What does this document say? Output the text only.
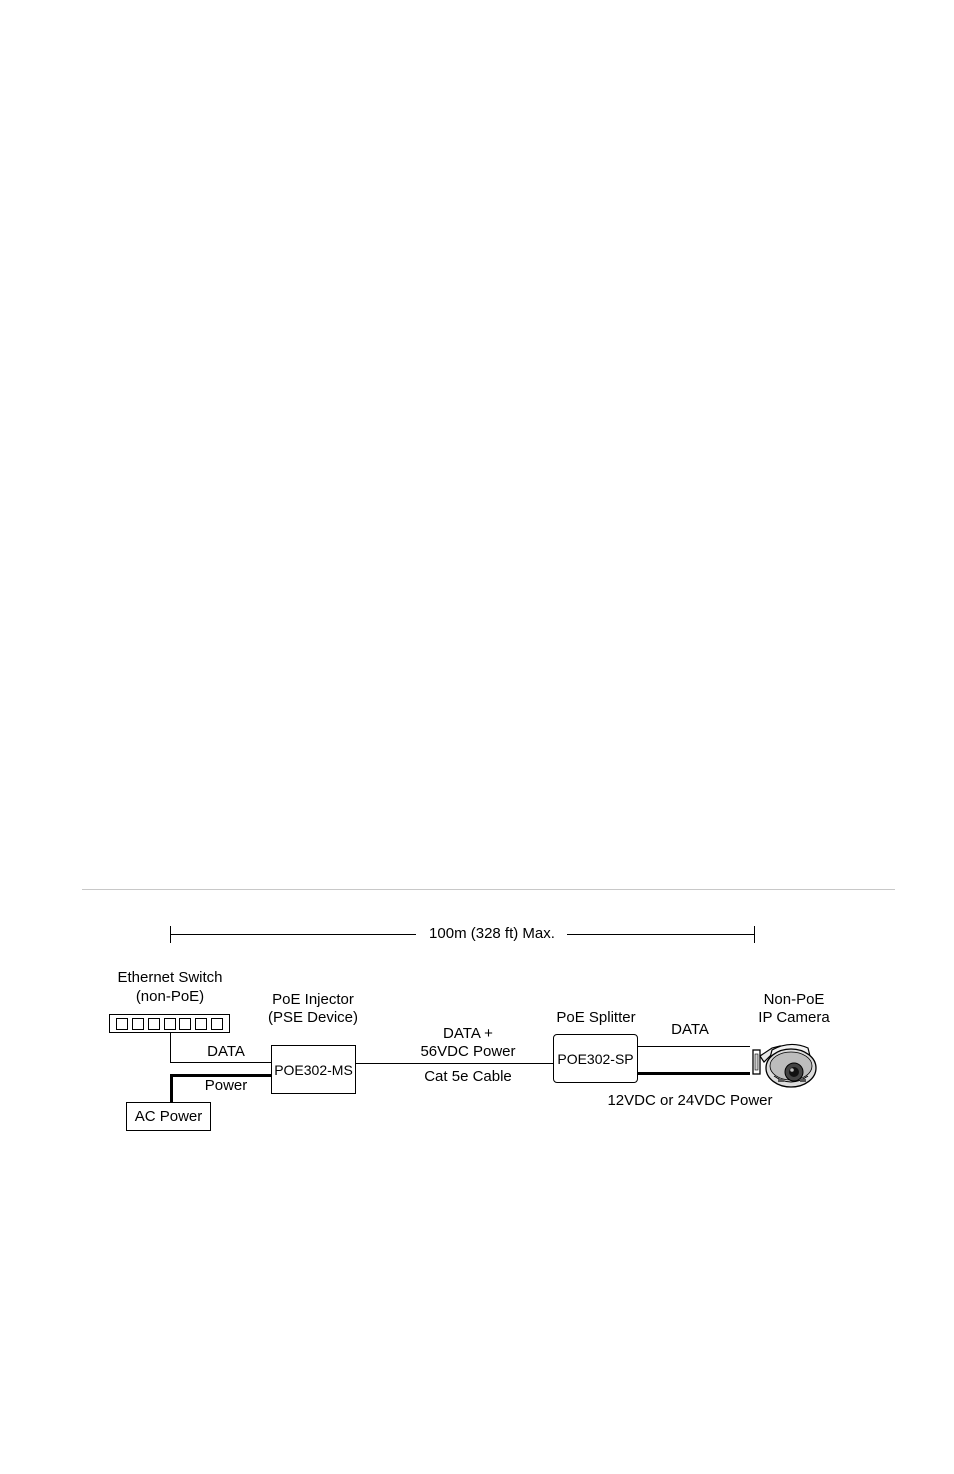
100m (328 ft) Max.
Ethernet Switch
(non-PoE)
DATA
Power
AC Power
PoE Injector
(PSE Device)
POE302-MS
DATA +
56VDC Power
Cat 5e Cable
PoE Splitter
POE302-SP
DATA
12VDC or 24VDC Power
Non-PoE
IP Camera
